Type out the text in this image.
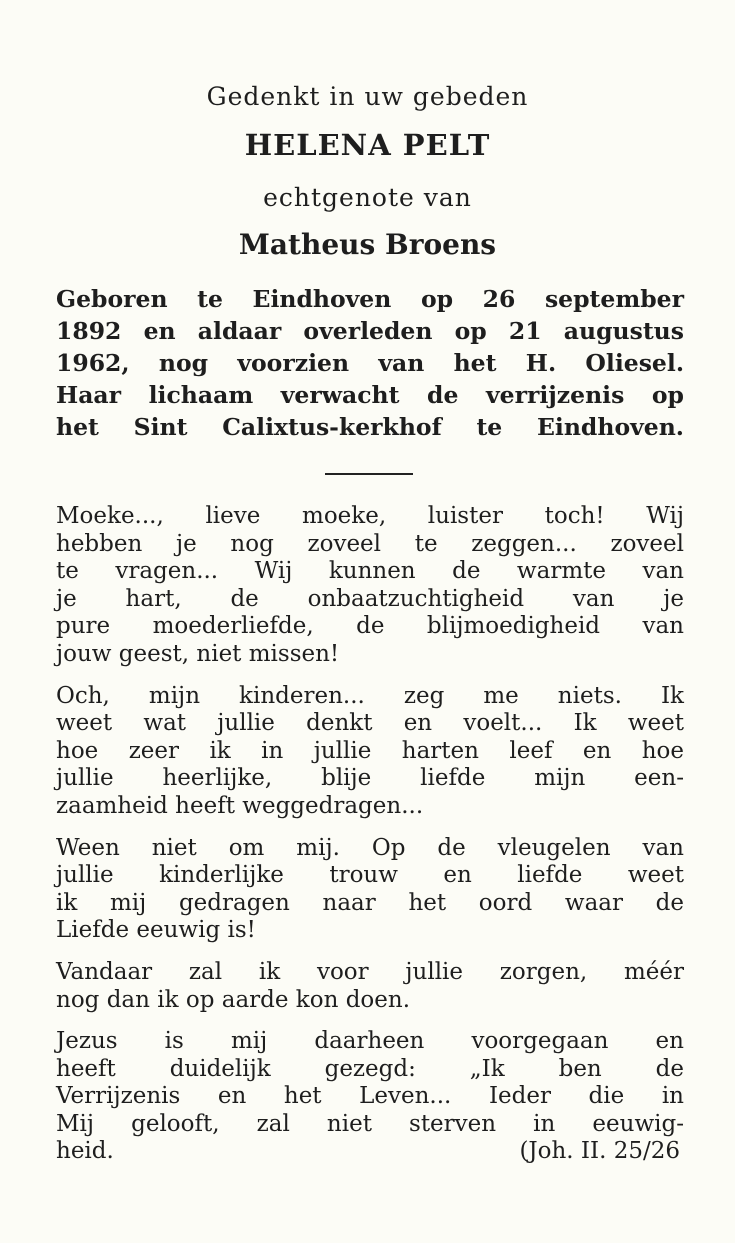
Gedenkt in uw gebeden
HELENA PELT
echtgenote van
Matheus Broens
Geboren te Eindhoven op 26 september
1892 en aldaar overleden op 21 augustus
1962, nog voorzien van het H. Oliesel.
Haar lichaam verwacht de verrijzenis op
het Sint Calixtus-kerkhof te Eindhoven.
Moeke..., lieve moeke, luister toch! Wij
hebben je nog zoveel te zeggen... zoveel
te vragen... Wij kunnen de warmte van
je hart, de onbaatzuchtigheid van je
pure moederliefde, de blijmoedigheid van
jouw geest, niet missen!
Och, mijn kinderen... zeg me niets. Ik
weet wat jullie denkt en voelt... Ik weet
hoe zeer ik in jullie harten leef en hoe
jullie heerlijke, blije liefde mijn een-
zaamheid heeft weggedragen...
Ween niet om mij. Op de vleugelen van
jullie kinderlijke trouw en liefde weet
ik mij gedragen naar het oord waar de
Liefde eeuwig is!
Vandaar zal ik voor jullie zorgen, méér
nog dan ik op aarde kon doen.
Jezus is mij daarheen voorgegaan en
heeft duidelijk gezegd: „Ik ben de
Verrijzenis en het Leven... Ieder die in
Mij gelooft, zal niet sterven in eeuwig-
heid.	(Joh. II. 25/26
